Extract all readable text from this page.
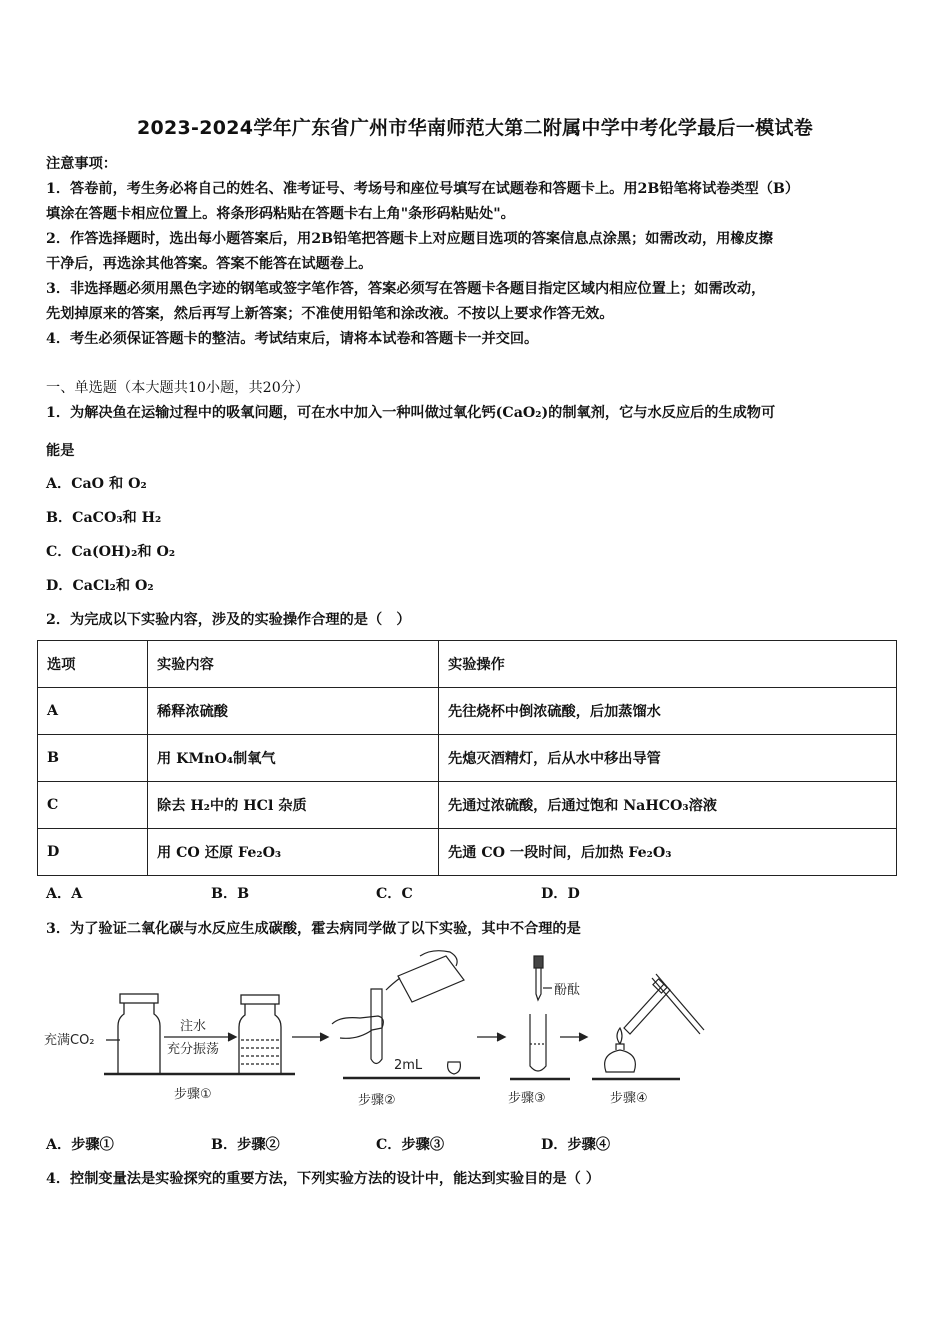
2023-2024学年广东省广州市华南师范大第二附属中学中考化学最后一模试卷
注意事项：
1．答卷前，考生务必将自己的姓名、准考证号、考场号和座位号填写在试题卷和答题卡上。用2B铅笔将试卷类型（B）
填涂在答题卡相应位置上。将条形码粘贴在答题卡右上角"条形码粘贴处"。
2．作答选择题时，选出每小题答案后，用2B铅笔把答题卡上对应题目选项的答案信息点涂黑；如需改动，用橡皮擦
干净后，再选涂其他答案。答案不能答在试题卷上。
3．非选择题必须用黑色字迹的钢笔或签字笔作答，答案必须写在答题卡各题目指定区域内相应位置上；如需改动，
先划掉原来的答案，然后再写上新答案；不准使用铅笔和涂改液。不按以上要求作答无效。
4．考生必须保证答题卡的整洁。考试结束后，请将本试卷和答题卡一并交回。
一、单选题（本大题共10小题，共20分）
1．为解决鱼在运输过程中的吸氧问题，可在水中加入一种叫做过氧化钙(CaO₂)的制氧剂，它与水反应后的生成物可
能是
A．CaO 和 O₂
B．CaCO₃和 H₂
C．Ca(OH)₂和 O₂
D．CaCl₂和 O₂
2．为完成以下实验内容，涉及的实验操作合理的是（　）
选项	实验内容	实验操作
A	稀释浓硫酸	先往烧杯中倒浓硫酸，后加蒸馏水
B	用 KMnO₄制氧气	先熄灭酒精灯，后从水中移出导管
C	除去 H₂中的 HCl 杂质	先通过浓硫酸，后通过饱和 NaHCO₃溶液
D	用 CO 还原 Fe₂O₃	先通 CO 一段时间，后加热 Fe₂O₃
A．A	B．B	C．C	D．D
3．为了验证二氧化碳与水反应生成碳酸，霍去病同学做了以下实验，其中不合理的是
充满CO₂
注水
充分振荡
步骤①
2mL
步骤②
酚酞
步骤③	步骤④
A．步骤①	B．步骤②	C．步骤③	D．步骤④
4．控制变量法是实验探究的重要方法，下列实验方法的设计中，能达到实验目的是（ ）
